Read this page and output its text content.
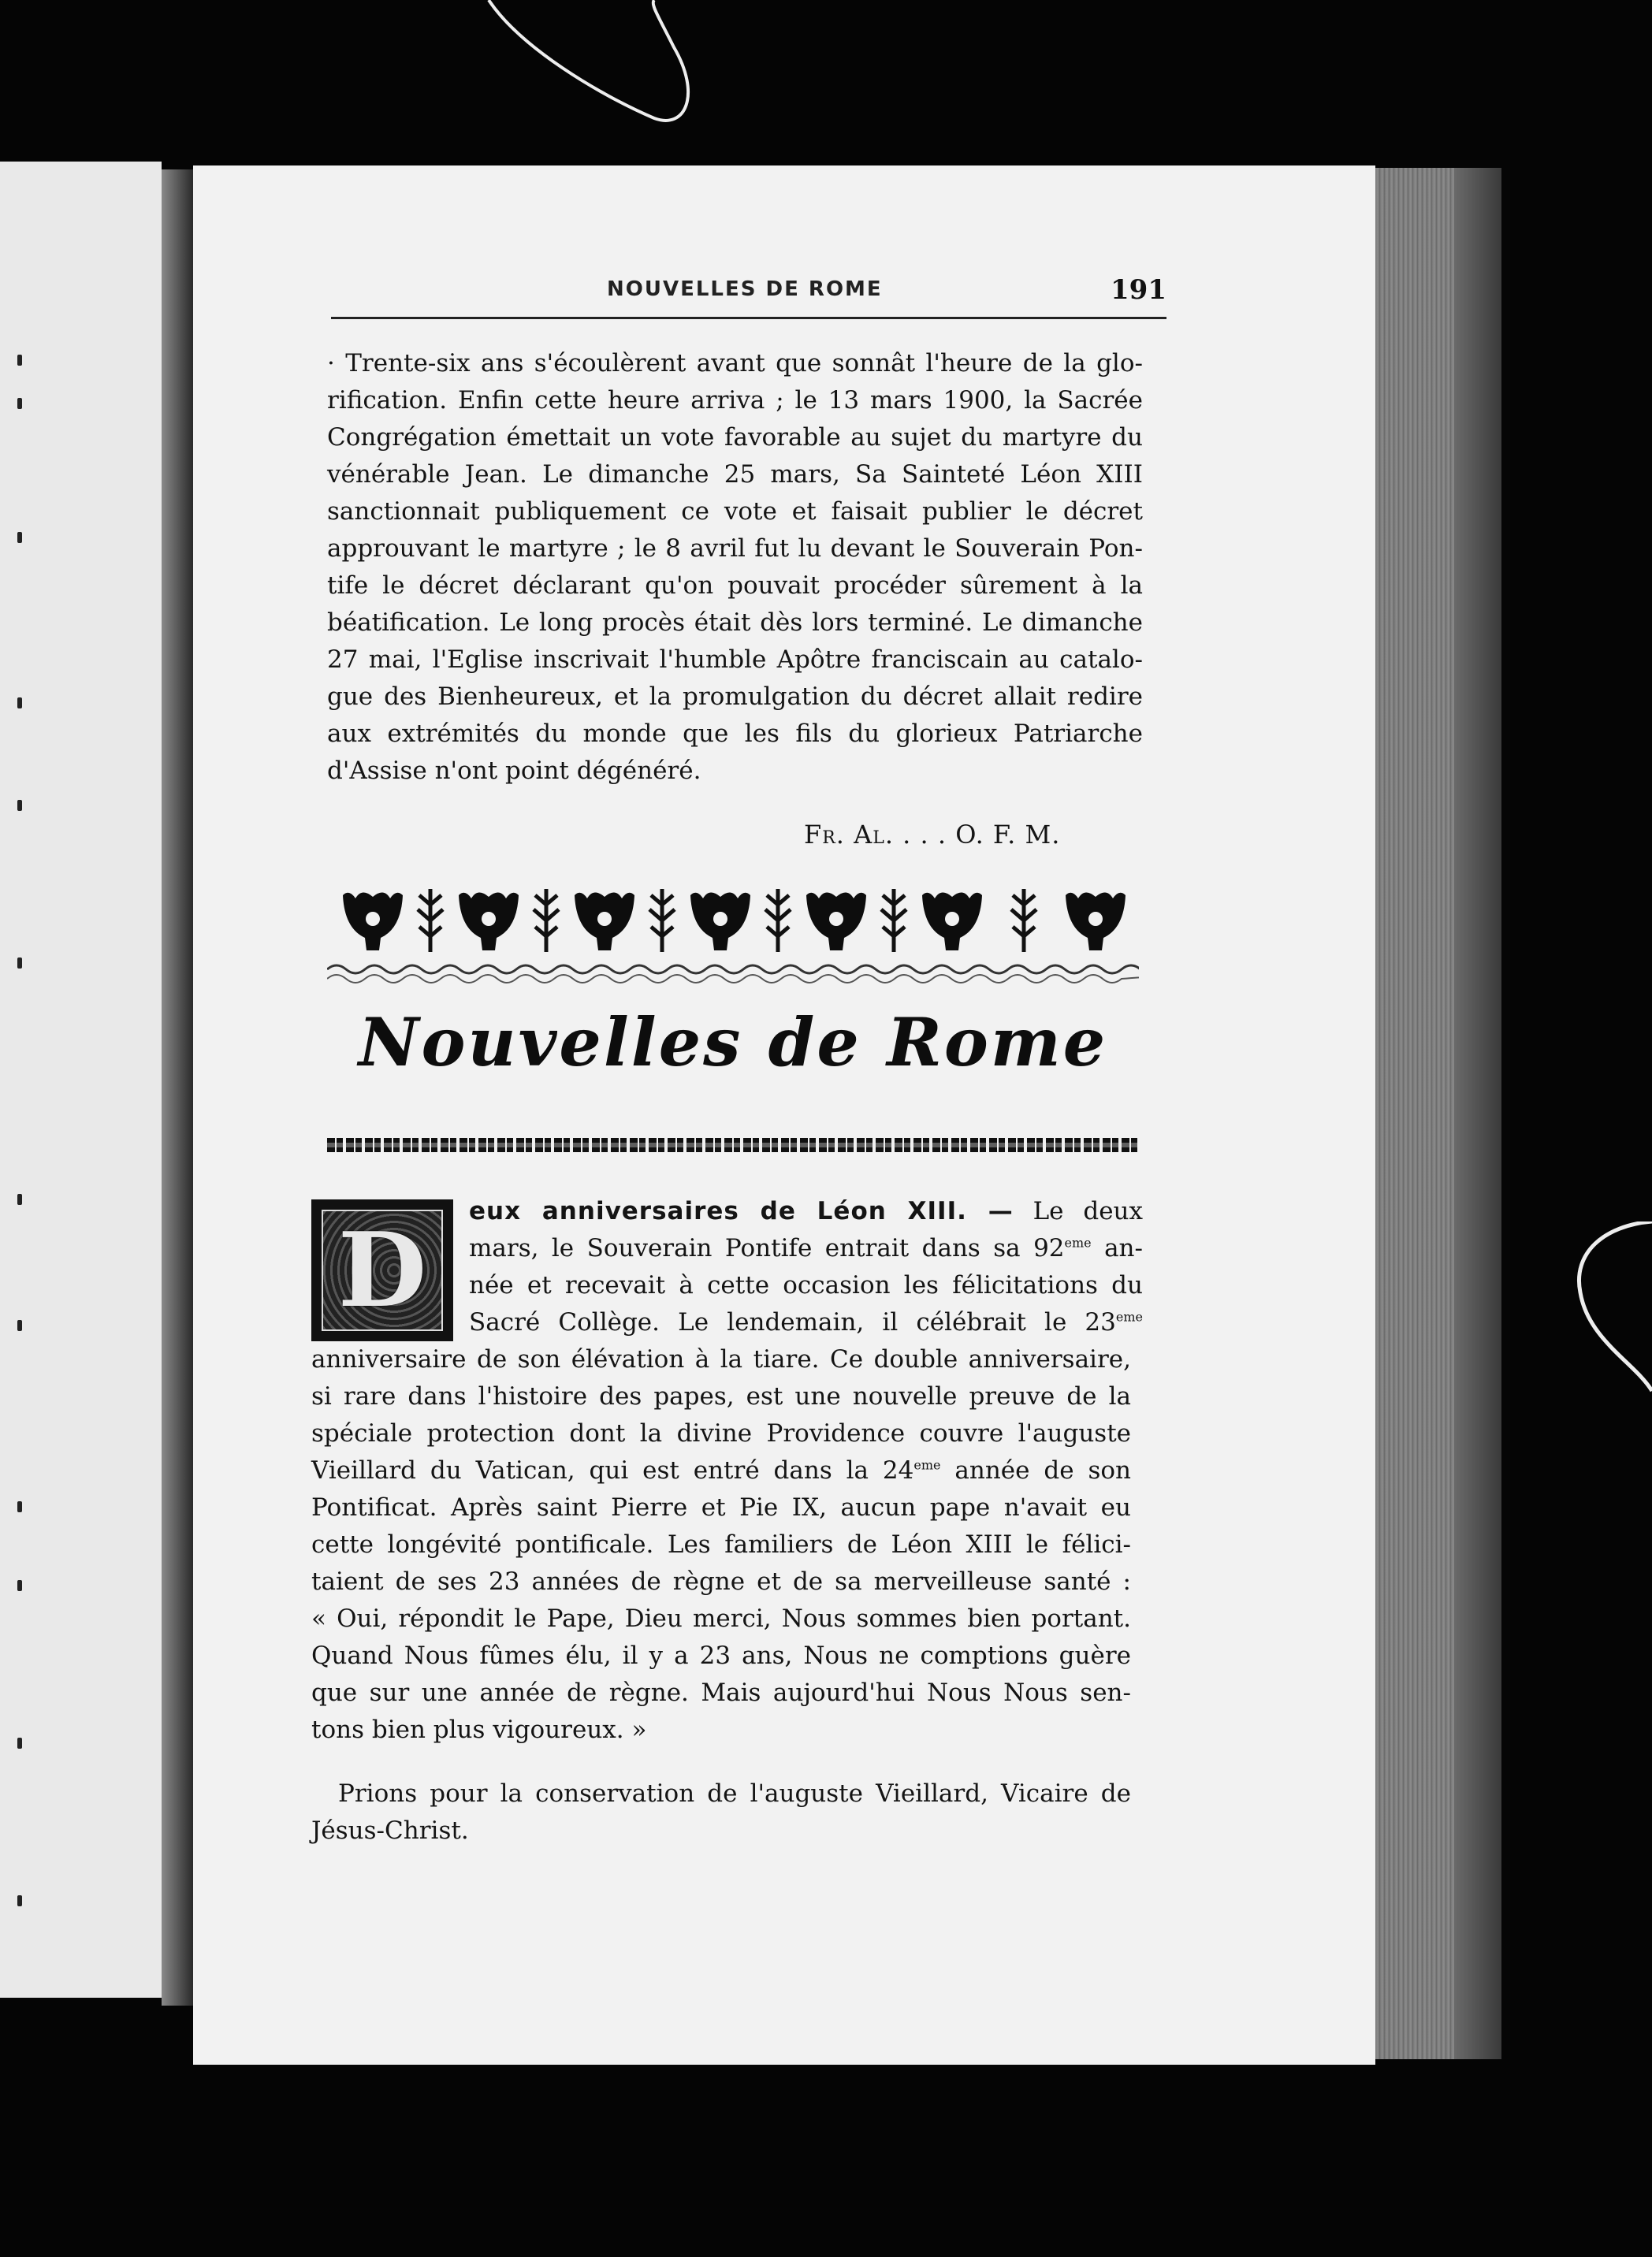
NOUVELLES DE ROME	191

· Trente-six ans s'écoulèrent avant que sonnât l'heure de la glo-
rification. Enfin cette heure arriva ; le 13 mars 1900, la Sacrée
Congrégation émettait un vote favorable au sujet du martyre du
vénérable Jean. Le dimanche 25 mars, Sa Sainteté Léon XIII
sanctionnait publiquement ce vote et faisait publier le décret
approuvant le martyre ; le 8 avril fut lu devant le Souverain Pon-
tife le décret déclarant qu'on pouvait procéder sûrement à la
béatification. Le long procès était dès lors terminé. Le dimanche
27 mai, l'Eglise inscrivait l'humble Apôtre franciscain au catalo-
gue des Bienheureux, et la promulgation du décret allait redire
aux extrémités du monde que les fils du glorieux Patriarche
d'Assise n'ont point dégénéré.

Fr. Al. . . . O. F. M.
Nouvelles de Rome
D eux anniversaires de Léon XIII. — Le deux
mars, le Souverain Pontife entrait dans sa 92eme an-
née et recevait à cette occasion les félicitations du
Sacré Collège. Le lendemain, il célébrait le 23eme

anniversaire de son élévation à la tiare. Ce double anniversaire,
si rare dans l'histoire des papes, est une nouvelle preuve de la
spéciale protection dont la divine Providence couvre l'auguste
Vieillard du Vatican, qui est entré dans la 24eme année de son
Pontificat. Après saint Pierre et Pie IX, aucun pape n'avait eu
cette longévité pontificale. Les familiers de Léon XIII le félici-
taient de ses 23 années de règne et de sa merveilleuse santé :
« Oui, répondit le Pape, Dieu merci, Nous sommes bien portant.
Quand Nous fûmes élu, il y a 23 ans, Nous ne comptions guère
que sur une année de règne. Mais aujourd'hui Nous Nous sen-
tons bien plus vigoureux. »

Prions pour la conservation de l'auguste Vieillard, Vicaire de
Jésus-Christ.
